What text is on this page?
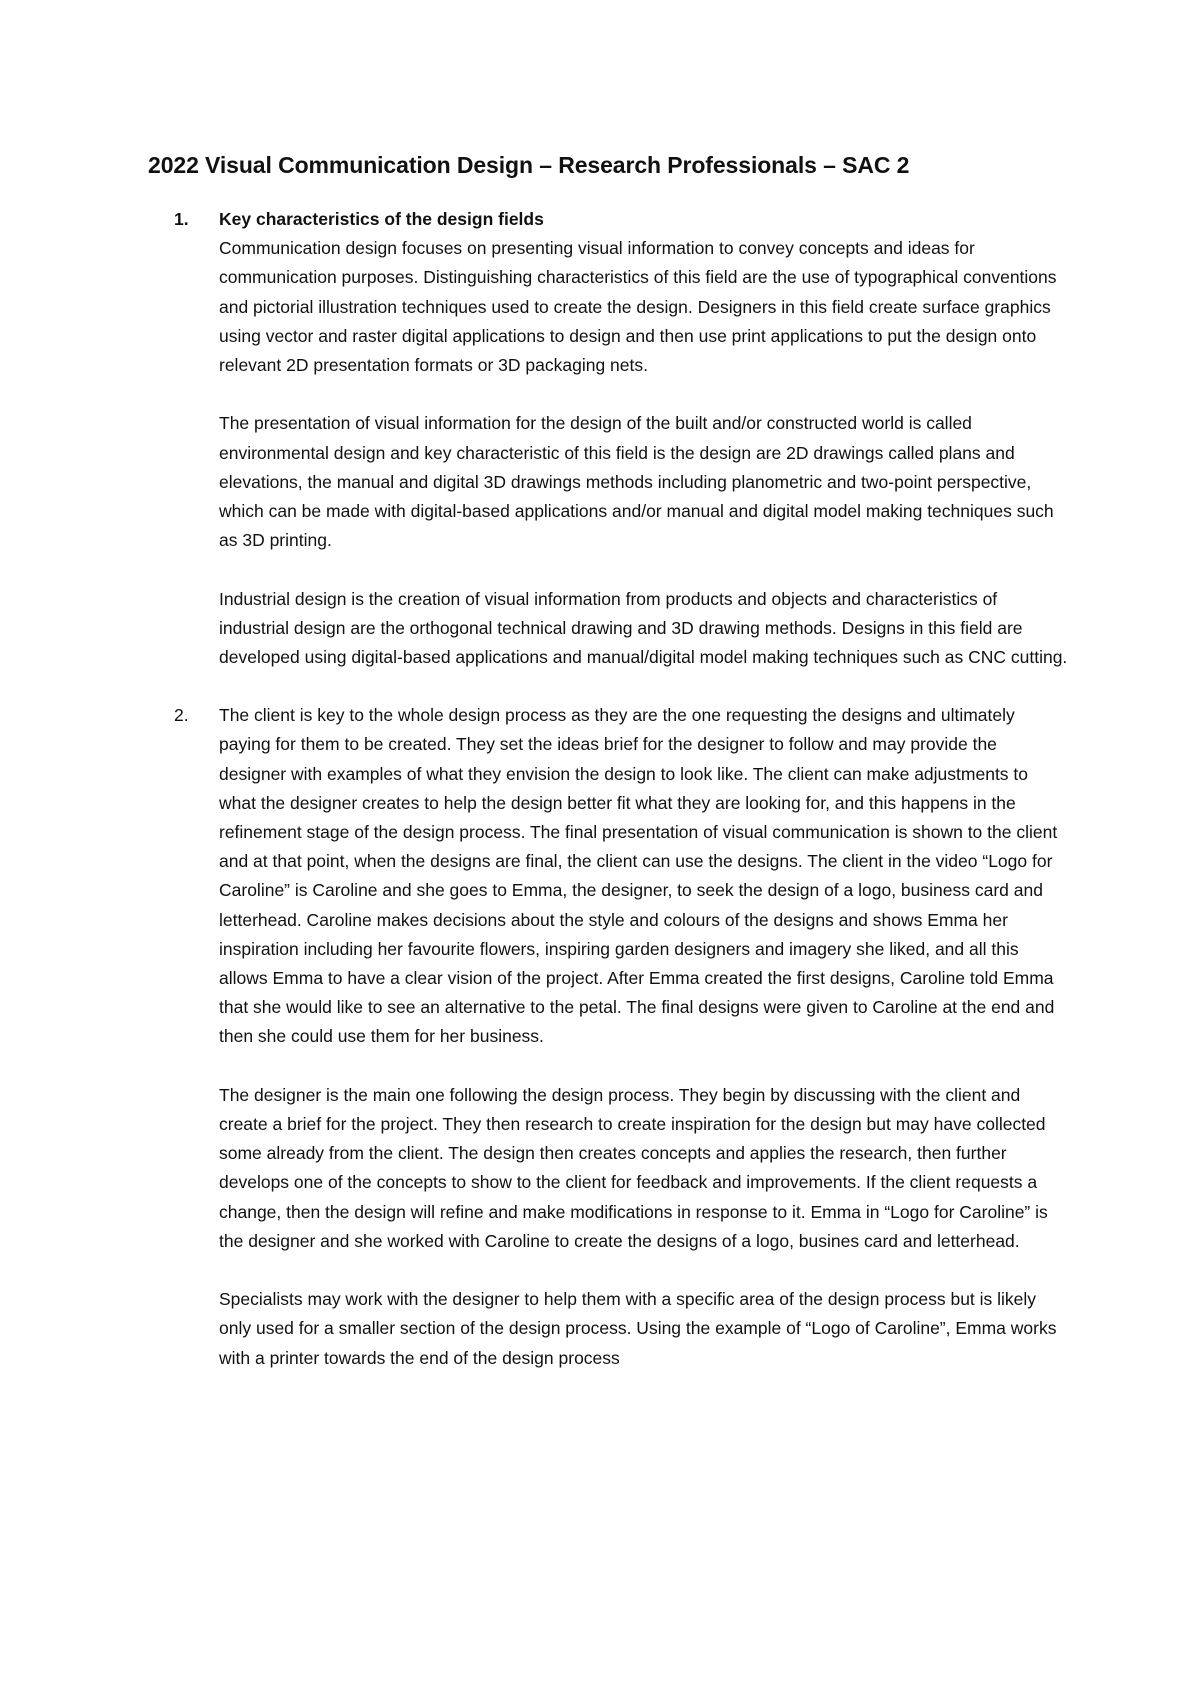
2022 Visual Communication Design – Research Professionals – SAC 2
1. Key characteristics of the design fields

Communication design focuses on presenting visual information to convey concepts and ideas for communication purposes. Distinguishing characteristics of this field are the use of typographical conventions and pictorial illustration techniques used to create the design. Designers in this field create surface graphics using vector and raster digital applications to design and then use print applications to put the design onto relevant 2D presentation formats or 3D packaging nets.

The presentation of visual information for the design of the built and/or constructed world is called environmental design and key characteristic of this field is the design are 2D drawings called plans and elevations, the manual and digital 3D drawings methods including planometric and two-point perspective, which can be made with digital-based applications and/or manual and digital model making techniques such as 3D printing.

Industrial design is the creation of visual information from products and objects and characteristics of industrial design are the orthogonal technical drawing and 3D drawing methods. Designs in this field are developed using digital-based applications and manual/digital model making techniques such as CNC cutting.

2. The client is key to the whole design process as they are the one requesting the designs and ultimately paying for them to be created. They set the ideas brief for the designer to follow and may provide the designer with examples of what they envision the design to look like. The client can make adjustments to what the designer creates to help the design better fit what they are looking for, and this happens in the refinement stage of the design process. The final presentation of visual communication is shown to the client and at that point, when the designs are final, the client can use the designs. The client in the video “Logo for Caroline” is Caroline and she goes to Emma, the designer, to seek the design of a logo, business card and letterhead. Caroline makes decisions about the style and colours of the designs and shows Emma her inspiration including her favourite flowers, inspiring garden designers and imagery she liked, and all this allows Emma to have a clear vision of the project. After Emma created the first designs, Caroline told Emma that she would like to see an alternative to the petal. The final designs were given to Caroline at the end and then she could use them for her business.

The designer is the main one following the design process. They begin by discussing with the client and create a brief for the project. They then research to create inspiration for the design but may have collected some already from the client. The design then creates concepts and applies the research, then further develops one of the concepts to show to the client for feedback and improvements. If the client requests a change, then the design will refine and make modifications in response to it. Emma in “Logo for Caroline” is the designer and she worked with Caroline to create the designs of a logo, busines card and letterhead.

Specialists may work with the designer to help them with a specific area of the design process but is likely only used for a smaller section of the design process. Using the example of “Logo of Caroline”, Emma works with a printer towards the end of the design process
